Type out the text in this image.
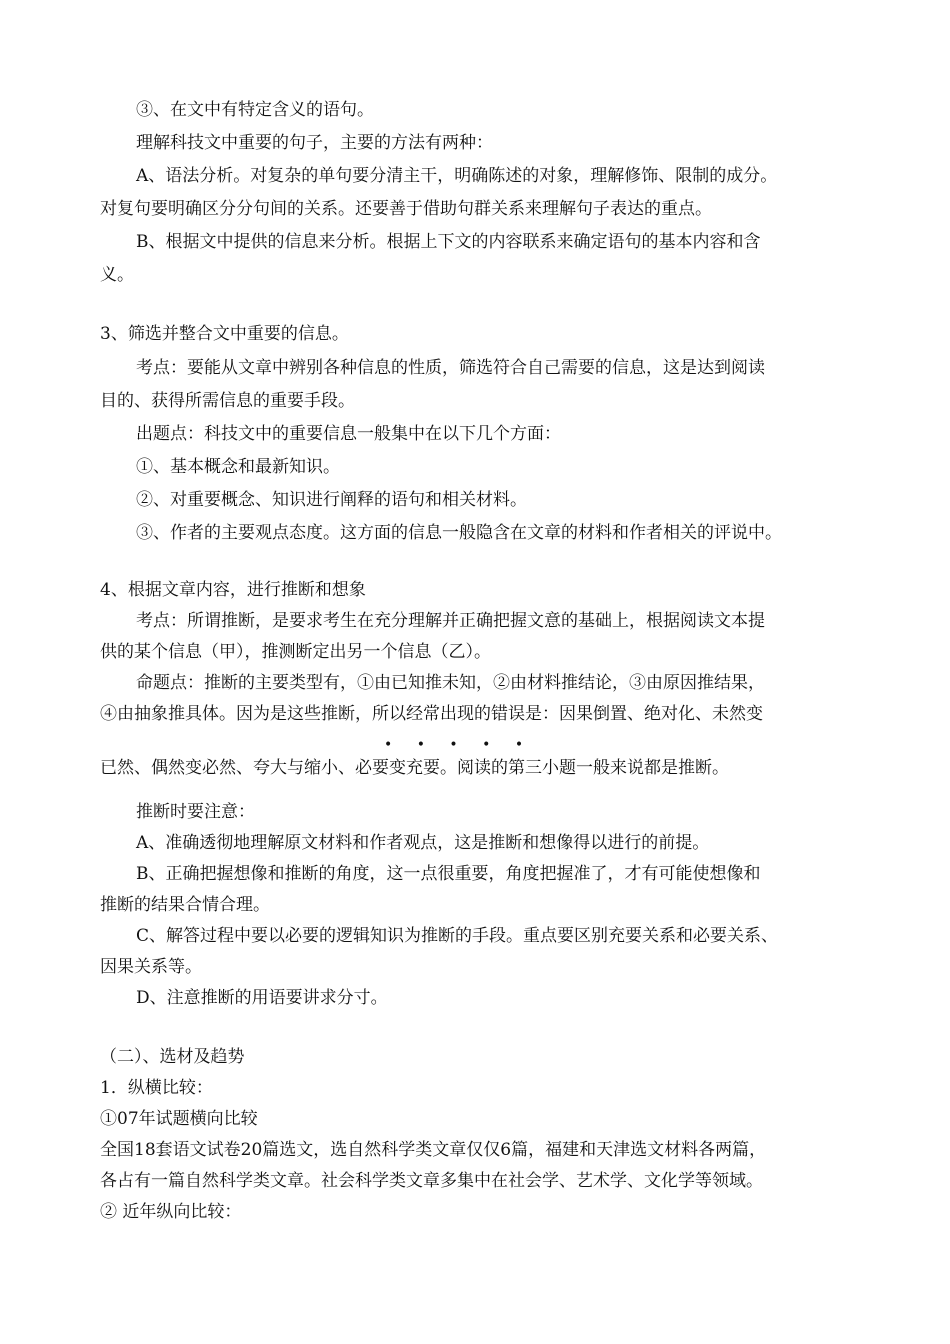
③、在文中有特定含义的语句。
理解科技文中重要的句子，主要的方法有两种：
A、语法分析。对复杂的单句要分清主干，明确陈述的对象，理解修饰、限制的成分。
对复句要明确区分分句间的关系。还要善于借助句群关系来理解句子表达的重点。
B、根据文中提供的信息来分析。根据上下文的内容联系来确定语句的基本内容和含
义。
3、筛选并整合文中重要的信息。
考点：要能从文章中辨别各种信息的性质，筛选符合自己需要的信息，这是达到阅读
目的、获得所需信息的重要手段。
出题点：科技文中的重要信息一般集中在以下几个方面：
①、基本概念和最新知识。
②、对重要概念、知识进行阐释的语句和相关材料。
③、作者的主要观点态度。这方面的信息一般隐含在文章的材料和作者相关的评说中。
4、根据文章内容，进行推断和想象
考点：所谓推断，是要求考生在充分理解并正确把握文意的基础上，根据阅读文本提
供的某个信息（甲），推测断定出另一个信息（乙）。
命题点：推断的主要类型有，①由已知推未知，②由材料推结论，③由原因推结果，
④由抽象推具体。因为是这些推断，所以经常出现的错误是：因果倒置、绝对化、未然变
• • • • •
已然、偶然变必然、夸大与缩小、必要变充要。阅读的第三小题一般来说都是推断。
推断时要注意：
A、准确透彻地理解原文材料和作者观点，这是推断和想像得以进行的前提。
B、正确把握想像和推断的角度，这一点很重要，角度把握准了，才有可能使想像和
推断的结果合情合理。
C、解答过程中要以必要的逻辑知识为推断的手段。重点要区别充要关系和必要关系、
因果关系等。
D、注意推断的用语要讲求分寸。
（二）、选材及趋势
1．纵横比较：
①07年试题横向比较
全国18套语文试卷20篇选文，选自然科学类文章仅仅6篇，福建和天津选文材料各两篇，
各占有一篇自然科学类文章。社会科学类文章多集中在社会学、艺术学、文化学等领域。
② 近年纵向比较：
